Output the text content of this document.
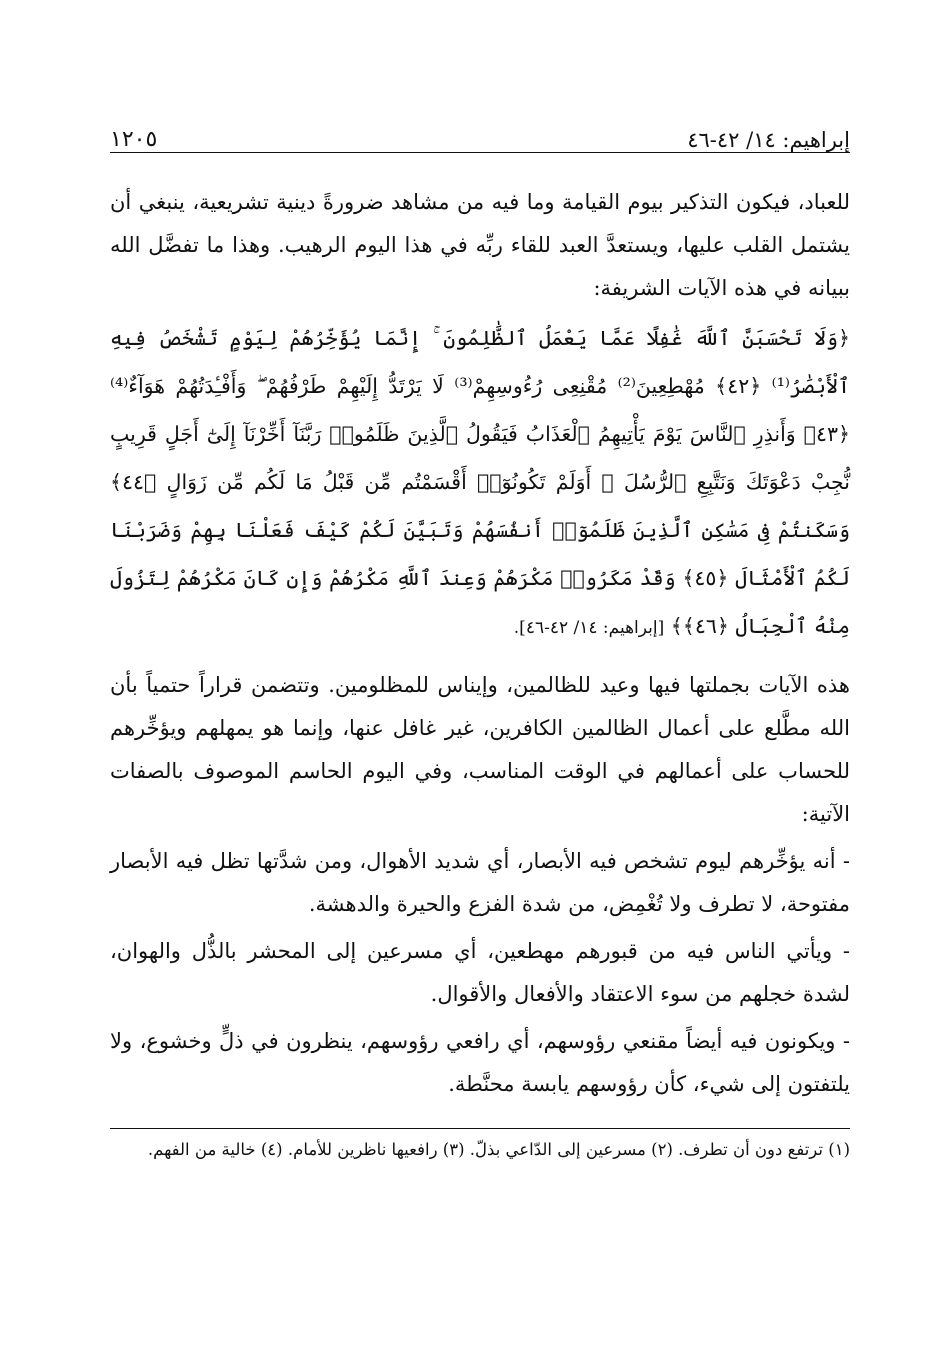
إبراهيم: ١٤/ ٤٢-٤٦
١٢٠٥

للعباد، فيكون التذكير بيوم القيامة وما فيه من مشاهد ضرورةً دينية تشريعية، ينبغي أن يشتمل القلب عليها، ويستعدَّ العبد للقاء ربِّه في هذا اليوم الرهيب. وهذا ما تفضَّل الله ببيانه في هذه الآيات الشريفة:

﴿وَلَا تَحْسَبَنَّ ٱللَّهَ غَٰفِلًا عَمَّا يَعْمَلُ ٱلظَّٰلِمُونَ ۚ إِنَّمَا يُؤَخِّرُهُمْ لِيَوْمٍ تَشْخَصُ فِيهِ ٱلْأَبْصَٰرُ⁽¹⁾ ﴿٤٢﴾ مُهْطِعِينَ⁽²⁾ مُقْنِعِى رُءُوسِهِمْ⁽³⁾ لَا يَرْتَدُّ إِلَيْهِمْ طَرْفُهُمْ ۖ وَأَفْـِٔدَتُهُمْ هَوَآءٌ⁽⁴⁾ ﴿٤٣﴾ وَأَنذِرِ ٱلنَّاسَ يَوْمَ يَأْتِيهِمُ ٱلْعَذَابُ فَيَقُولُ ٱلَّذِينَ ظَلَمُوا۟ رَبَّنَآ أَخِّرْنَآ إِلَىٰٓ أَجَلٍ قَرِيبٍ نُّجِبْ دَعْوَتَكَ وَنَتَّبِعِ ٱلرُّسُلَ ۗ أَوَلَمْ تَكُونُوٓا۟ أَقْسَمْتُم مِّن قَبْلُ مَا لَكُم مِّن زَوَالٍ ﴿٤٤﴾ وَسَكَنتُمْ فِى مَسَٰكِنِ ٱلَّذِينَ ظَلَمُوٓا۟ أَنفُسَهُمْ وَتَبَيَّنَ لَكُمْ كَيْفَ فَعَلْنَا بِهِمْ وَضَرَبْنَا لَكُمُ ٱلْأَمْثَالَ ﴿٤٥﴾ وَقَدْ مَكَرُوا۟ مَكْرَهُمْ وَعِندَ ٱللَّهِ مَكْرُهُمْ وَإِن كَانَ مَكْرُهُمْ لِتَزُولَ مِنْهُ ٱلْجِبَالُ ﴿٤٦﴾﴾ [إبراهيم: ١٤/ ٤٢-٤٦].

هذه الآيات بجملتها فيها وعيد للظالمين، وإيناس للمظلومين. وتتضمن قراراً حتمياً بأن الله مطَّلع على أعمال الظالمين الكافرين، غير غافل عنها، وإنما هو يمهلهم ويؤخِّرهم للحساب على أعمالهم في الوقت المناسب، وفي اليوم الحاسم الموصوف بالصفات الآتية:

- أنه يؤخِّرهم ليوم تشخص فيه الأبصار، أي شديد الأهوال، ومن شدَّتها تظل فيه الأبصار مفتوحة، لا تطرف ولا تُغْمِض، من شدة الفزع والحيرة والدهشة.

- ويأتي الناس فيه من قبورهم مهطعين، أي مسرعين إلى المحشر بالذُّل والهوان، لشدة خجلهم من سوء الاعتقاد والأفعال والأقوال.

- ويكونون فيه أيضاً مقنعي رؤوسهم، أي رافعي رؤوسهم، ينظرون في ذلٍّ وخشوع، ولا يلتفتون إلى شيء، كأن رؤوسهم يابسة محنَّطة.

(١) ترتفع دون أن تطرف. (٢) مسرعين إلى الدّاعي بذلّ. (٣) رافعيها ناظرين للأمام. (٤) خالية من الفهم.
